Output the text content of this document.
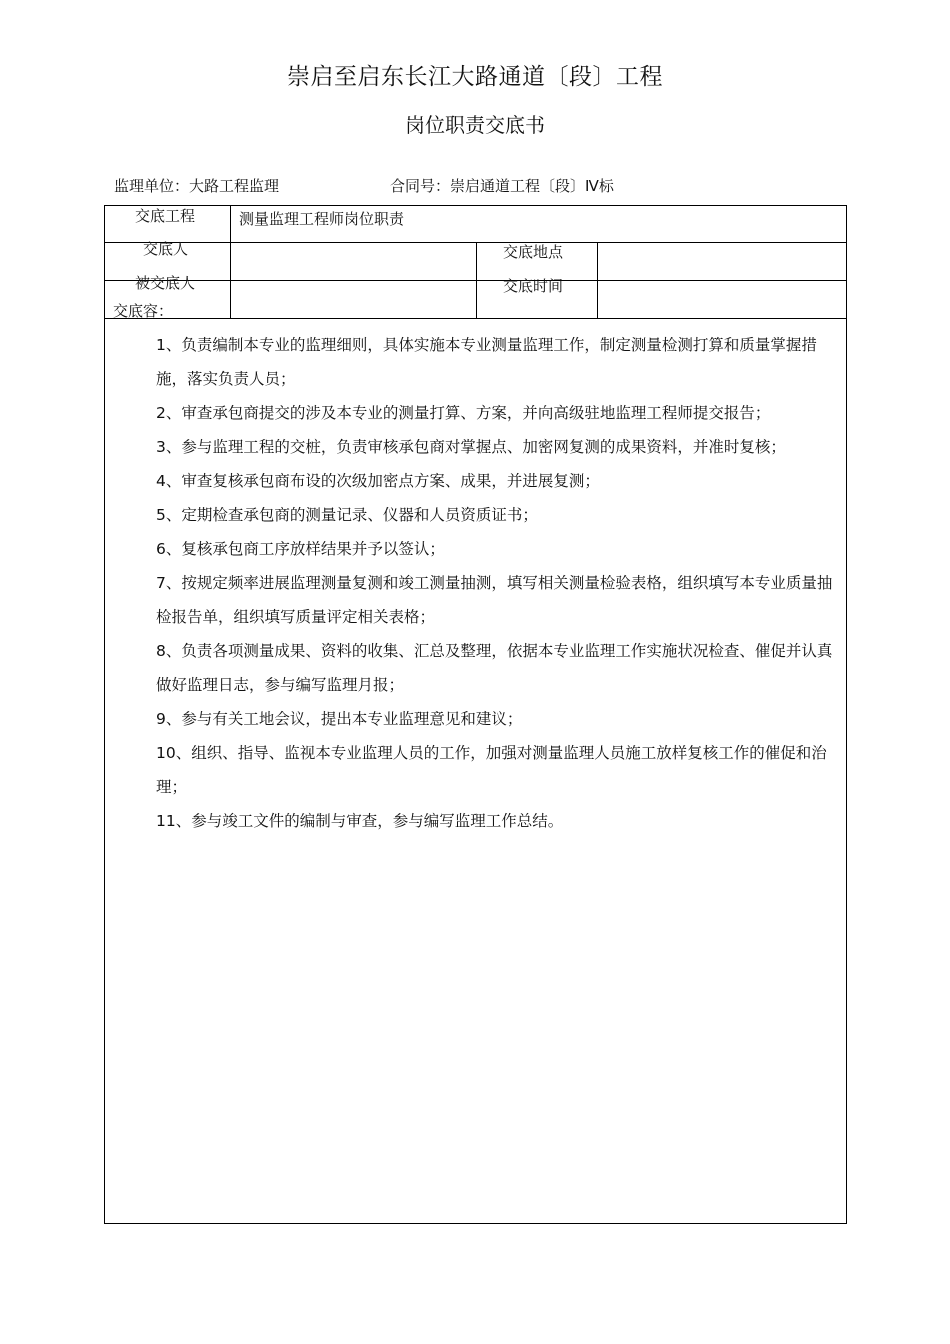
崇启至启东长江大路通道〔段〕工程
岗位职责交底书
监理单位：大路工程监理	合同号：崇启通道工程〔段〕Ⅳ标
交底工程	测量监理工程师岗位职责
交底人	交底地点
被交底人	交底时间
交底容：

1、负责编制本专业的监理细则，具体实施本专业测量监理工作，制定测量检测打算和质量掌握措施，落实负责人员；

2、审查承包商提交的涉及本专业的测量打算、方案，并向高级驻地监理工程师提交报告；

3、参与监理工程的交桩，负责审核承包商对掌握点、加密网复测的成果资料，并准时复核；

4、审查复核承包商布设的次级加密点方案、成果，并进展复测；

5、定期检查承包商的测量记录、仪器和人员资质证书；

6、复核承包商工序放样结果并予以签认；

7、按规定频率进展监理测量复测和竣工测量抽测，填写相关测量检验表格，组织填写本专业质量抽检报告单，组织填写质量评定相关表格；

8、负责各项测量成果、资料的收集、汇总及整理，依据本专业监理工作实施状况检查、催促并认真做好监理日志，参与编写监理月报；

9、参与有关工地会议，提出本专业监理意见和建议；

10、组织、指导、监视本专业监理人员的工作，加强对测量监理人员施工放样复核工作的催促和治理；

11、参与竣工文件的编制与审查，参与编写监理工作总结。
